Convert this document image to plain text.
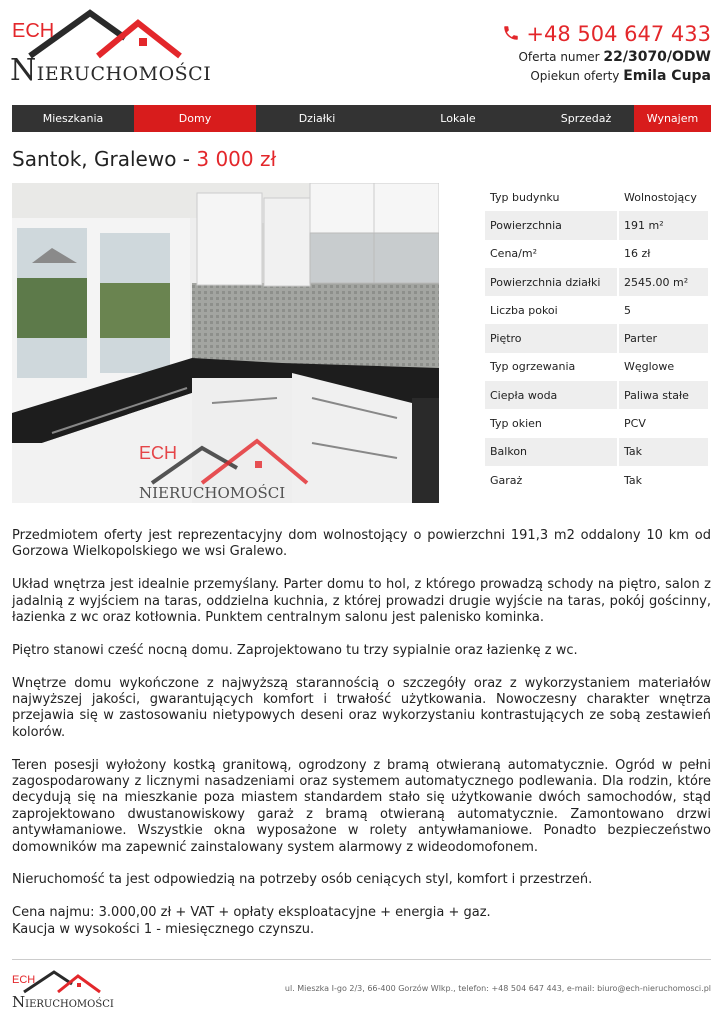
ECH
NIERUCHOMOŚCI
+48 504 647 433
Oferta numer 22/3070/ODW
Opiekun oferty Emila Cupa
Mieszkania	Domy	Działki	Lokale	Sprzedaż	Wynajem
Santok, Gralewo - 3 000 zł
ECH
NIERUCHOMOŚCI
Typ budynku	Wolnostojący
Powierzchnia	191 m²
Cena/m²	16 zł
Powierzchnia działki	2545.00 m²
Liczba pokoi	5
Piętro	Parter
Typ ogrzewania	Węglowe
Ciepła woda	Paliwa stałe
Typ okien	PCV
Balkon	Tak
Garaż	Tak

Przedmiotem oferty jest reprezentacyjny dom wolnostojący o powierzchni 191,3 m2 oddalony 10 km od Gorzowa Wielkopolskiego we wsi Gralewo.

Układ wnętrza jest idealnie przemyślany. Parter domu to hol, z którego prowadzą schody na piętro, salon z jadalnią z wyjściem na taras, oddzielna kuchnia, z której prowadzi drugie wyjście na taras, pokój gościnny, łazienka z wc oraz kotłownia. Punktem centralnym salonu jest palenisko kominka.

Piętro stanowi cześć nocną domu. Zaprojektowano tu trzy sypialnie oraz łazienkę z wc.

Wnętrze domu wykończone z najwyższą starannością o szczegóły oraz z wykorzystaniem materiałów najwyższej jakości, gwarantujących komfort i trwałość użytkowania. Nowoczesny charakter wnętrza przejawia się w zastosowaniu nietypowych deseni oraz wykorzystaniu kontrastujących ze sobą zestawień kolorów.

Teren posesji wyłożony kostką granitową, ogrodzony z bramą otwieraną automatycznie. Ogród w pełni zagospodarowany z licznymi nasadzeniami oraz systemem automatycznego podlewania. Dla rodzin, które decydują się na mieszkanie poza miastem standardem stało się użytkowanie dwóch samochodów, stąd zaprojektowano dwustanowiskowy garaż z bramą otwieraną automatycznie. Zamontowano drzwi antywłamaniowe. Wszystkie okna wyposażone w rolety antywłamaniowe. Ponadto bezpieczeństwo domowników ma zapewnić zainstalowany system alarmowy z wideodomofonem.

Nieruchomość ta jest odpowiedzią na potrzeby osób ceniących styl, komfort i przestrzeń.

Cena najmu: 3.000,00 zł + VAT + opłaty eksploatacyjne + energia + gaz.
Kaucja w wysokości 1 - miesięcznego czynszu.

ECH
NIERUCHOMOŚCI
ul. Mieszka I-go 2/3, 66-400 Gorzów Wlkp., telefon: +48 504 647 443, e-mail: biuro@ech-nieruchomosci.pl
